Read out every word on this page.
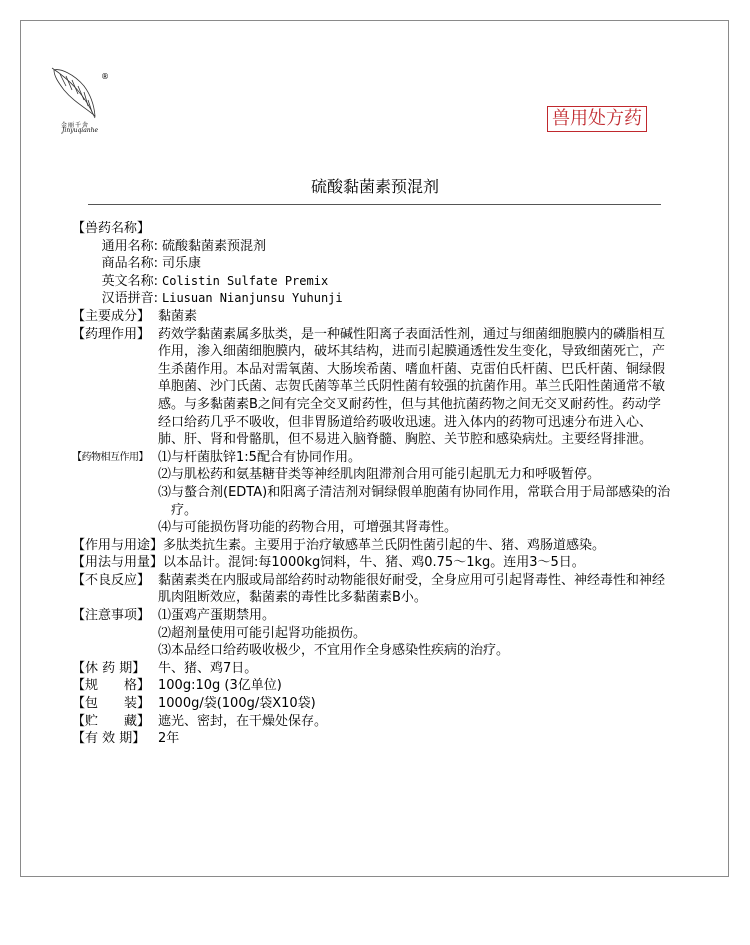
金丽千舍
Jinyuqianhe
®
兽用处方药
硫酸黏菌素预混剂
【兽药名称】
通用名称: 硫酸黏菌素预混剂
商品名称: 司乐康
英文名称: Colistin Sulfate Premix
汉语拼音: Liusuan Nianjunsu Yuhunji
【主要成分】 黏菌素
【药理作用】 药效学黏菌素属多肽类，是一种碱性阳离子表面活性剂，通过与细菌细胞膜内的磷脂相互作用，渗入细菌细胞膜内，破坏其结构，进而引起膜通透性发生变化，导致细菌死亡，产生杀菌作用。本品对需氧菌、大肠埃希菌、嗜血杆菌、克雷伯氏杆菌、巴氏杆菌、铜绿假单胞菌、沙门氏菌、志贺氏菌等革兰氏阴性菌有较强的抗菌作用。革兰氏阳性菌通常不敏感。与多黏菌素B之间有完全交叉耐药性，但与其他抗菌药物之间无交叉耐药性。药动学 经口给药几乎不吸收，但非胃肠道给药吸收迅速。进入体内的药物可迅速分布进入心、肺、肝、肾和骨骼肌，但不易进入脑脊髓、胸腔、关节腔和感染病灶。主要经肾排泄。
【药物相互作用】 ⑴ 与杆菌肽锌1:5配合有协同作用。
⑵ 与肌松药和氨基糖苷类等神经肌肉阻滞剂合用可能引起肌无力和呼吸暂停。
⑶ 与螯合剂(EDTA)和阳离子清洁剂对铜绿假单胞菌有协同作用，常联合用于局部感染的治疗。
⑷ 与可能损伤肾功能的药物合用，可增强其肾毒性。
【作用与用途】 多肽类抗生素。主要用于治疗敏感革兰氏阴性菌引起的牛、猪、鸡肠道感染。
【用法与用量】 以本品计。混饲:每1000kg饲料，牛、猪、鸡0.75～1kg。连用3～5日。
【不良反应】 黏菌素类在内服或局部给药时动物能很好耐受，全身应用可引起肾毒性、神经毒性和神经肌肉阻断效应，黏菌素的毒性比多黏菌素B小。
【注意事项】 ⑴ 蛋鸡产蛋期禁用。
⑵ 超剂量使用可能引起肾功能损伤。
⑶ 本品经口给药吸收极少，不宜用作全身感染性疾病的治疗。
【休 药 期】 牛、猪、鸡7日。
【规　　格】 100g:10g (3亿单位)
【包　　装】 1000g/袋(100g/袋X10袋)
【贮　　藏】 遮光、密封，在干燥处保存。
【有 效 期】 2年
